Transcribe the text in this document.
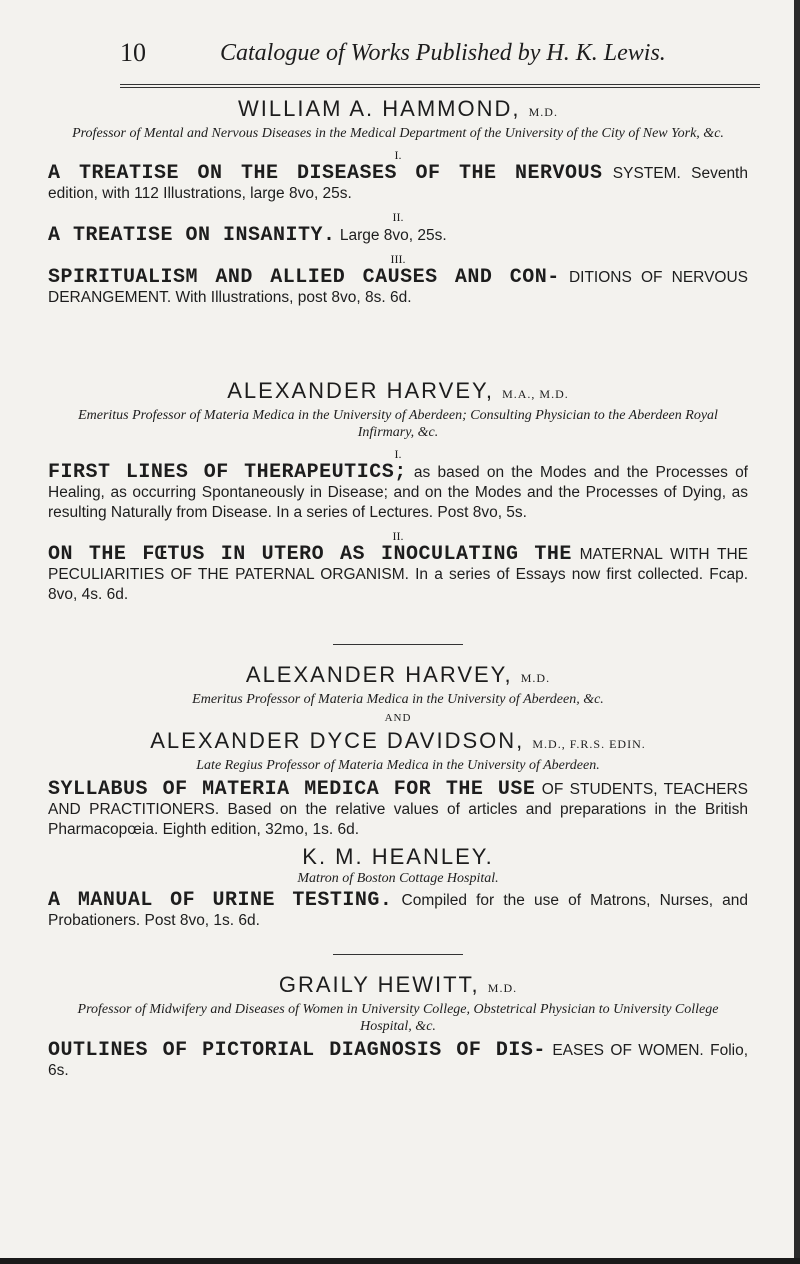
10	Catalogue of Works Published by H. K. Lewis.

WILLIAM A. HAMMOND, M.D.

Professor of Mental and Nervous Diseases in the Medical Department of the University of the City of New York, &c.

I.

A TREATISE ON THE DISEASES OF THE NERVOUS SYSTEM. Seventh edition, with 112 Illustrations, large 8vo, 25s.

II.

A TREATISE ON INSANITY. Large 8vo, 25s.

III.

SPIRITUALISM AND ALLIED CAUSES AND CON- DITIONS OF NERVOUS DERANGEMENT. With Illustrations, post 8vo, 8s. 6d.

ALEXANDER HARVEY, M.A., M.D.

Emeritus Professor of Materia Medica in the University of Aberdeen; Consulting Physician to the Aberdeen Royal Infirmary, &c.

I.

FIRST LINES OF THERAPEUTICS; as based on the Modes and the Processes of Healing, as occurring Spontaneously in Disease; and on the Modes and the Processes of Dying, as resulting Naturally from Disease. In a series of Lectures. Post 8vo, 5s.

II.

ON THE FŒTUS IN UTERO AS INOCULATING THE MATERNAL WITH THE PECULIARITIES OF THE PATERNAL ORGANISM. In a series of Essays now first collected. Fcap. 8vo, 4s. 6d.

ALEXANDER HARVEY, M.D.

Emeritus Professor of Materia Medica in the University of Aberdeen, &c.

AND

ALEXANDER DYCE DAVIDSON, M.D., F.R.S. EDIN.

Late Regius Professor of Materia Medica in the University of Aberdeen.

SYLLABUS OF MATERIA MEDICA FOR THE USE OF STUDENTS, TEACHERS AND PRACTITIONERS. Based on the relative values of articles and preparations in the British Pharmacopœia. Eighth edition, 32mo, 1s. 6d.

K. M. HEANLEY.

Matron of Boston Cottage Hospital.

A MANUAL OF URINE TESTING. Compiled for the use of Matrons, Nurses, and Probationers. Post 8vo, 1s. 6d.

GRAILY HEWITT, M.D.

Professor of Midwifery and Diseases of Women in University College, Obstetrical Physician to University College Hospital, &c.

OUTLINES OF PICTORIAL DIAGNOSIS OF DIS- EASES OF WOMEN. Folio, 6s.
